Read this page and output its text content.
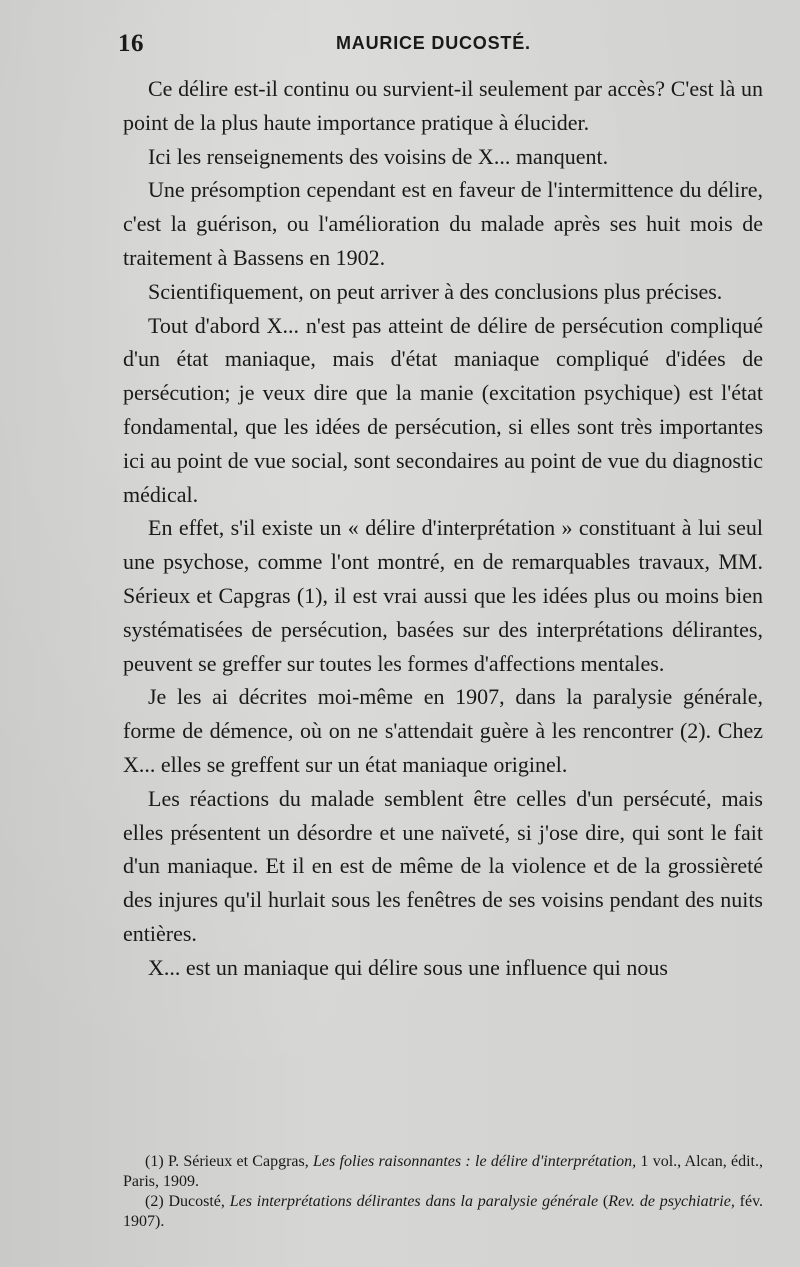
16	MAURICE DUCOSTÉ.

Ce délire est-il continu ou survient-il seulement par accès? C'est là un point de la plus haute importance pratique à élucider.

Ici les renseignements des voisins de X... manquent.

Une présomption cependant est en faveur de l'intermittence du délire, c'est la guérison, ou l'amélioration du malade après ses huit mois de traitement à Bassens en 1902.

Scientifiquement, on peut arriver à des conclusions plus précises.

Tout d'abord X... n'est pas atteint de délire de persécution compliqué d'un état maniaque, mais d'état maniaque compliqué d'idées de persécution; je veux dire que la manie (excitation psychique) est l'état fondamental, que les idées de persécution, si elles sont très importantes ici au point de vue social, sont secondaires au point de vue du diagnostic médical.

En effet, s'il existe un « délire d'interprétation » constituant à lui seul une psychose, comme l'ont montré, en de remarquables travaux, MM. Sérieux et Capgras (1), il est vrai aussi que les idées plus ou moins bien systématisées de persécution, basées sur des interprétations délirantes, peuvent se greffer sur toutes les formes d'affections mentales.

Je les ai décrites moi-même en 1907, dans la paralysie générale, forme de démence, où on ne s'attendait guère à les rencontrer (2). Chez X... elles se greffent sur un état maniaque originel.

Les réactions du malade semblent être celles d'un persécuté, mais elles présentent un désordre et une naïveté, si j'ose dire, qui sont le fait d'un maniaque. Et il en est de même de la violence et de la grossièreté des injures qu'il hurlait sous les fenêtres de ses voisins pendant des nuits entières.

X... est un maniaque qui délire sous une influence qui nous

(1) P. Sérieux et Capgras, Les folies raisonnantes : le délire d'interprétation, 1 vol., Alcan, édit., Paris, 1909.

(2) Ducosté, Les interprétations délirantes dans la paralysie générale (Rev. de psychiatrie, fév. 1907).
